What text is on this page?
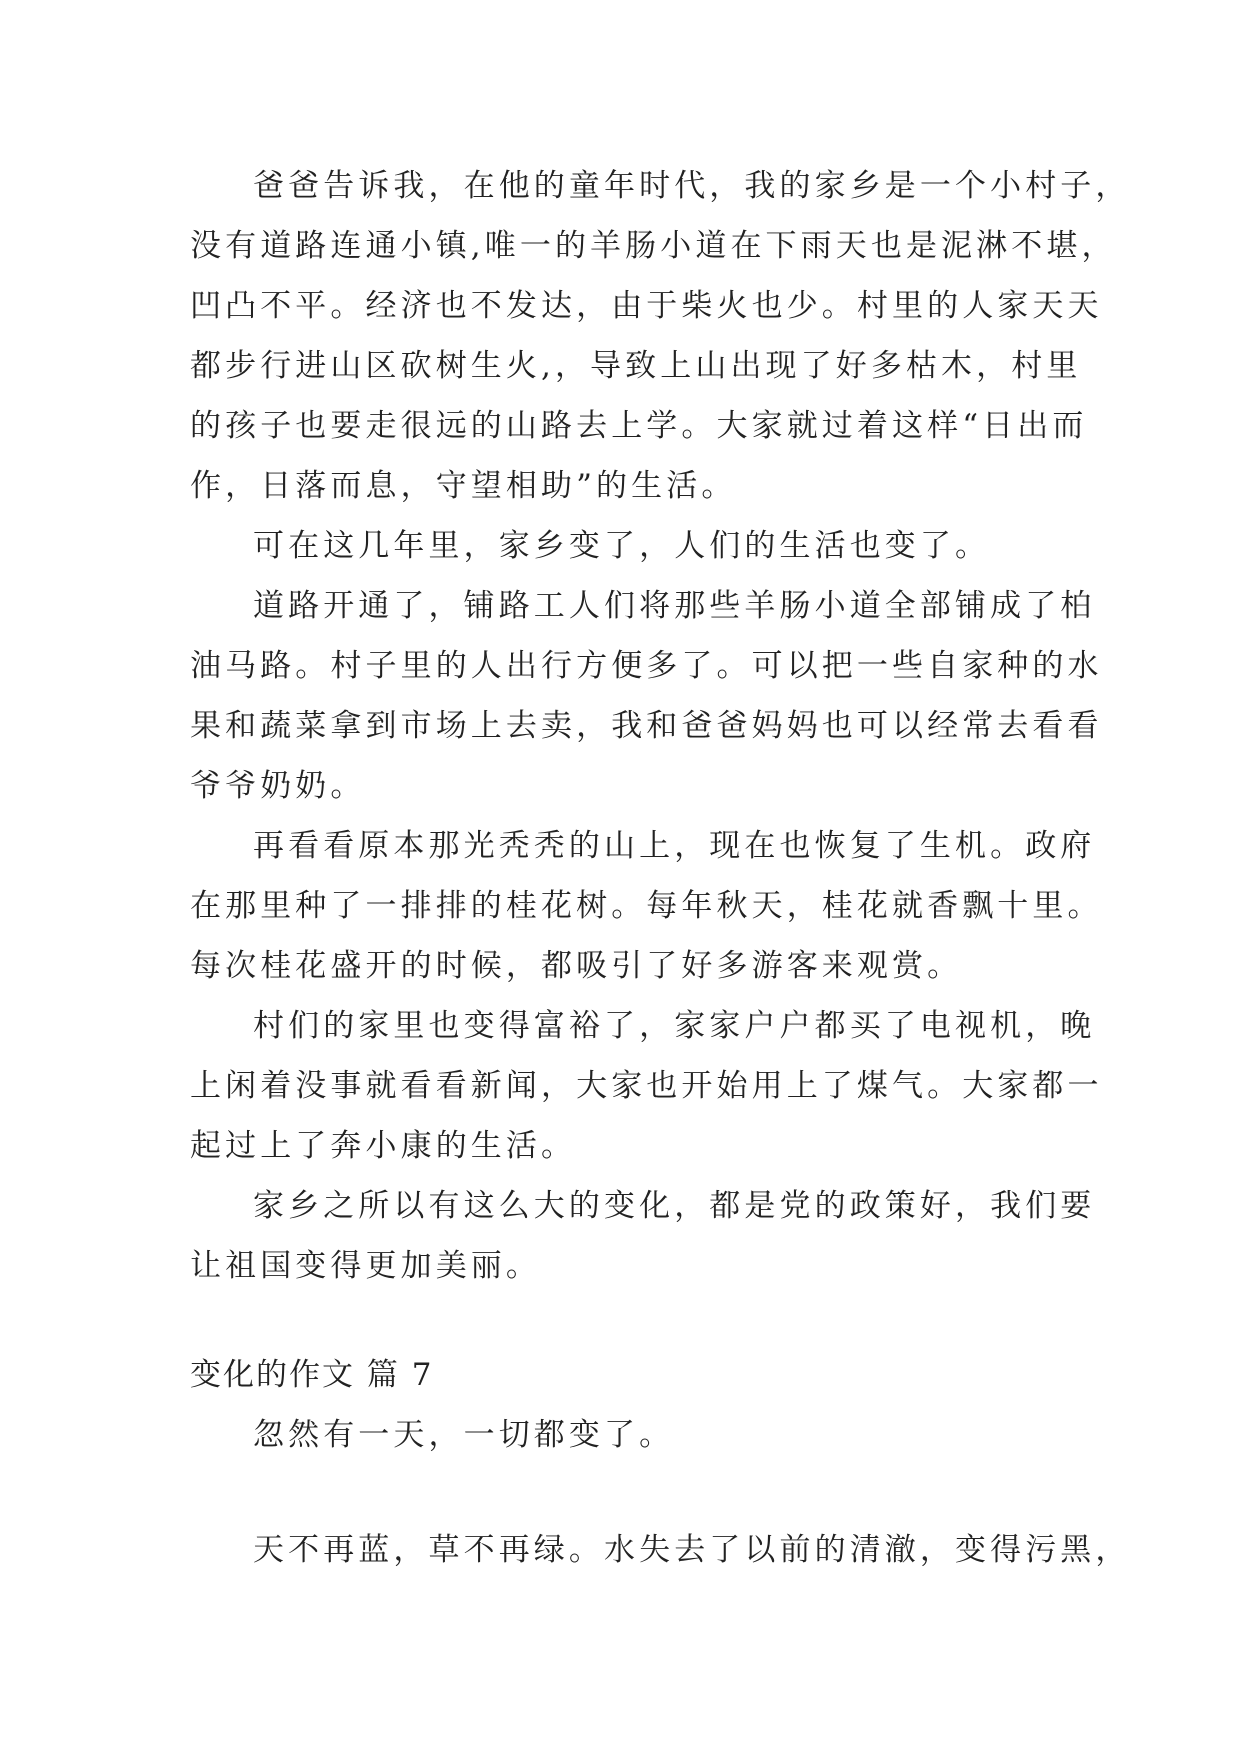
爸爸告诉我，在他的童年时代，我的家乡是一个小村子，
没有道路连通小镇,唯一的羊肠小道在下雨天也是泥淋不堪，
凹凸不平。经济也不发达，由于柴火也少。村里的人家天天
都步行进山区砍树生火,，导致上山出现了好多枯木，村里
的孩子也要走很远的山路去上学。大家就过着这样“日出而
作，日落而息，守望相助”的生活。
可在这几年里，家乡变了，人们的生活也变了。
道路开通了，铺路工人们将那些羊肠小道全部铺成了柏
油马路。村子里的人出行方便多了。可以把一些自家种的水
果和蔬菜拿到市场上去卖，我和爸爸妈妈也可以经常去看看
爷爷奶奶。
再看看原本那光秃秃的山上，现在也恢复了生机。政府
在那里种了一排排的桂花树。每年秋天，桂花就香飘十里。
每次桂花盛开的时候，都吸引了好多游客来观赏。
村们的家里也变得富裕了，家家户户都买了电视机，晚
上闲着没事就看看新闻，大家也开始用上了煤气。大家都一
起过上了奔小康的生活。
家乡之所以有这么大的变化，都是党的政策好，我们要
让祖国变得更加美丽。
变化的作文 篇 7
忽然有一天，一切都变了。
天不再蓝，草不再绿。水失去了以前的清澈，变得污黑，
